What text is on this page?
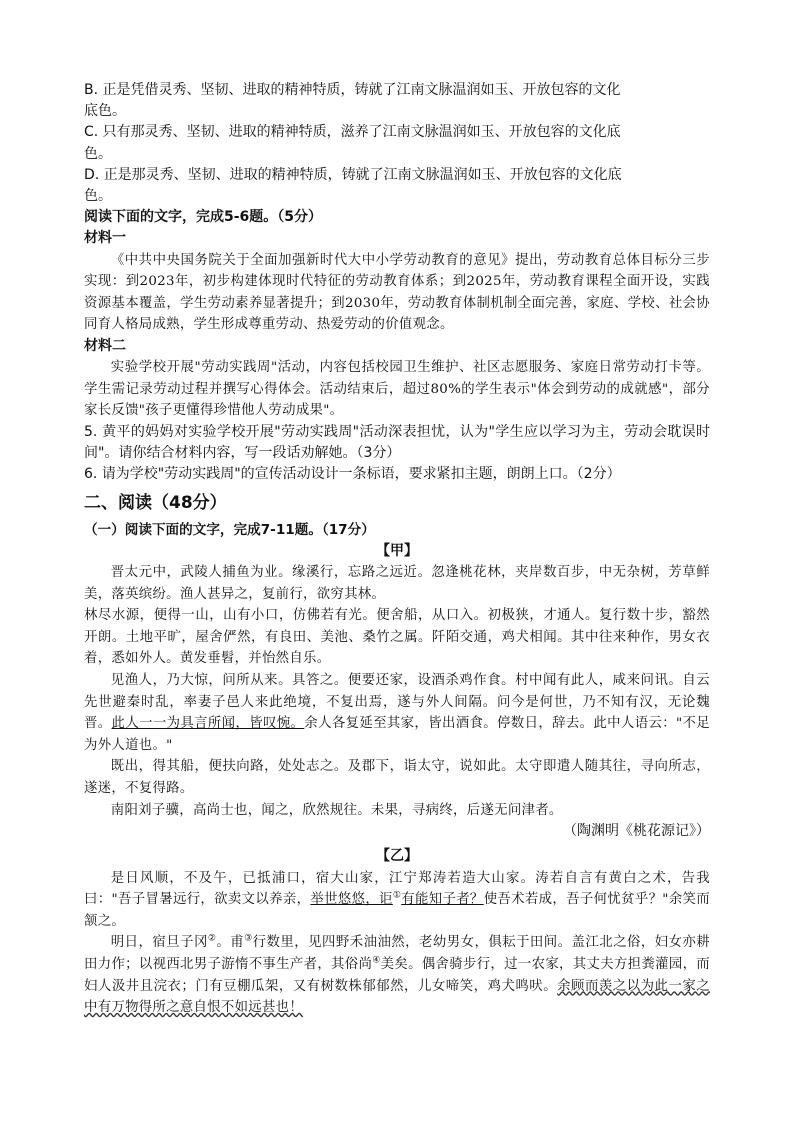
B. 正是凭借灵秀、坚韧、进取的精神特质，铸就了江南文脉温润如玉、开放包容的文化

底色。

C. 只有那灵秀、坚韧、进取的精神特质，滋养了江南文脉温润如玉、开放包容的文化底

色。

D. 正是那灵秀、坚韧、进取的精神特质，铸就了江南文脉温润如玉、开放包容的文化底

色。

阅读下面的文字，完成5-6题。（5分）

材料一

《中共中央国务院关于全面加强新时代大中小学劳动教育的意见》提出，劳动教育总体目标分三步实现：到2023年，初步构建体现时代特征的劳动教育体系；到2025年，劳动教育课程全面开设，实践资源基本覆盖，学生劳动素养显著提升；到2030年，劳动教育体制机制全面完善，家庭、学校、社会协同育人格局成熟，学生形成尊重劳动、热爱劳动的价值观念。

材料二

实验学校开展"劳动实践周"活动，内容包括校园卫生维护、社区志愿服务、家庭日常劳动打卡等。学生需记录劳动过程并撰写心得体会。活动结束后，超过80%的学生表示"体会到劳动的成就感"，部分家长反馈"孩子更懂得珍惜他人劳动成果"。

5. 黄平的妈妈对实验学校开展"劳动实践周"活动深表担忧，认为"学生应以学习为主，劳动会耽误时间"。请你结合材料内容，写一段话劝解她。（3分）

6. 请为学校"劳动实践周"的宣传活动设计一条标语，要求紧扣主题，朗朗上口。（2分）

二、阅读（48分）

（一）阅读下面的文字，完成7-11题。（17分）

【甲】

晋太元中，武陵人捕鱼为业。缘溪行，忘路之远近。忽逢桃花林，夹岸数百步，中无杂树，芳草鲜美，落英缤纷。渔人甚异之，复前行，欲穷其林。

林尽水源，便得一山，山有小口，仿佛若有光。便舍船，从口入。初极狭，才通人。复行数十步，豁然开朗。土地平旷，屋舍俨然，有良田、美池、桑竹之属。阡陌交通，鸡犬相闻。其中往来种作，男女衣着，悉如外人。黄发垂髫，并怡然自乐。

见渔人，乃大惊，问所从来。具答之。便要还家，设酒杀鸡作食。村中闻有此人，咸来问讯。自云先世避秦时乱，率妻子邑人来此绝境，不复出焉，遂与外人间隔。问今是何世，乃不知有汉，无论魏晋。此人一一为具言所闻，皆叹惋。余人各复延至其家，皆出酒食。停数日，辞去。此中人语云："不足为外人道也。"

既出，得其船，便扶向路，处处志之。及郡下，诣太守，说如此。太守即遣人随其往，寻向所志，遂迷，不复得路。

南阳刘子骥，高尚士也，闻之，欣然规往。未果，寻病终，后遂无问津者。

（陶渊明《桃花源记》）

【乙】

是日风顺，不及午，已抵浦口，宿大山家，江宁郑涛若造大山家。涛若自言有黄白之术，告我曰："吾子冒暑远行，欲卖文以养亲，举世悠悠，讵①有能知子者？使吾术若成，吾子何忧贫乎？"余笑而颔之。

明日，宿旦子冈②。甫③行数里，见四野禾油油然，老幼男女，俱耘于田间。盖江北之俗，妇女亦耕田力作；以视西北男子游惰不事生产者，其俗尚④美矣。偶舍骑步行，过一农家，其丈夫方担粪灌园，而妇人汲井且浣衣；门有豆棚瓜架，又有树数株郁郁然，儿女啼笑，鸡犬鸣吠。余顾而羡之以为此一家之中有万物得所之意自恨不如远甚也！
